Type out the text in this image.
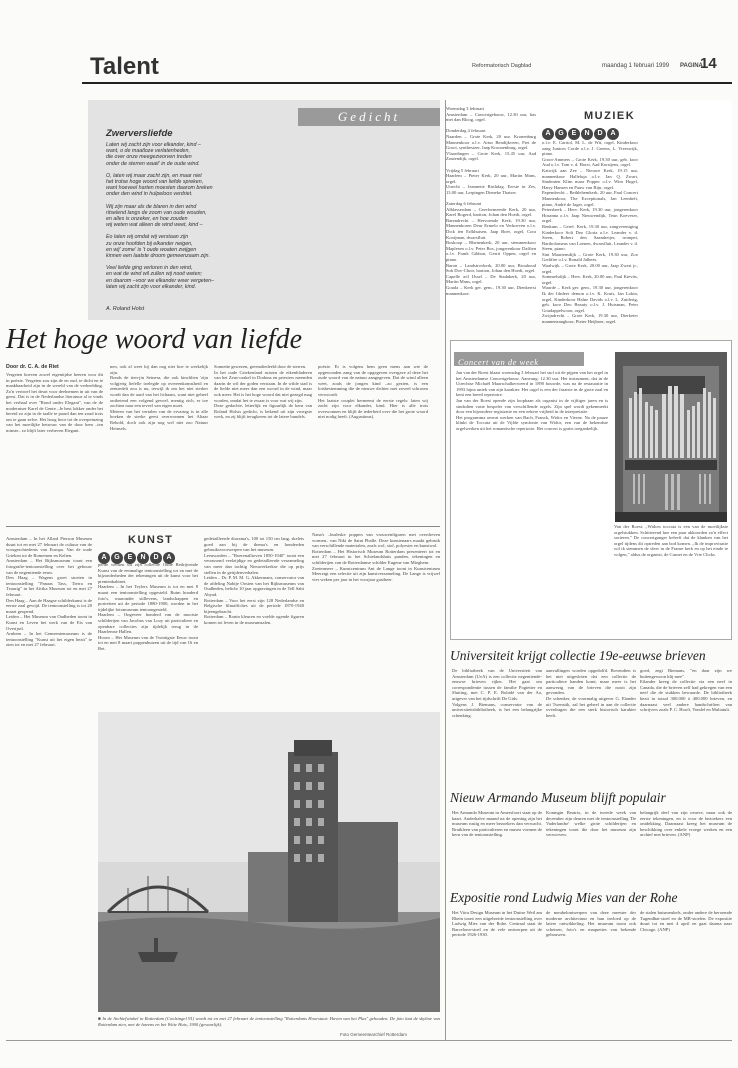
Talent	Reformatorisch Dagblad	maandag 1 februari 1999 PAGINA
14
Gedicht
Zwerversliefde

Laten wij zacht zijn voor elkander, kind –
want, o de maatloze verlatenheden,
die over onze meegezworven treden
onder de sterren waait' in de oude wind.

O, laten wij maar zacht zijn, en maar niet
het trotse hoge woord van liefde spreken,
want hoeveel harten moesten daarom breken
onder den wind in hulpeloos verdriet.

Wij zijn maar als de blaren in den wind
ritselend langs de zoom van oude wouden,
en alles is onzeker, en hoe zouden
wij weten wat alleen de wind weet, kind –

Eo laten wij omdat wij verstaan zijn
zu onze hoofden bij elkander neigen,
en wij' zome' is 't oude woaten zwijgen
kinnen een laatste droom gemeenzaam zijn.

Veel liefde ging verloren in den wind,
en wat de wind wil zullen wij nooit weten;
en daarom –voor we elkander weer vergeten–
laten wij zacht zijn voor elkander, kind.

A. Roland Holst
MUZIEK
A G E N D A
Woensdag 3 februari
Amsterdam – Concertgebouw, 12.30 uur, bas met dan Bloog, orgel.

Donderdag 4 februari
Naarden – Grote Kerk, 20 uur. Kronenburg Mannenkoor o.l.v. Artur Bendijkveen, Piet de Groot, synthesizer, Jaap Kroonenburg, orgel.
Vlaardingen – Grote Kerk, 15.45 uur, Aad Zoutendijk, orgel.

Vrijdag 5 februari
Haarlem – Pieter Kerk, 20 uur, Martin Mans, orgel.
Utrecht – Jeannette Birthdag. Eerste in Zes, 13.00 uur, Lerpingen Dieneke Thatser.

Zaterdag 6 februari
Alblasserdam – Gereformeerde Kerk, 20 uur, Karel Bogerd, bariton, Johan den Hoedt, orgel.
Barendrecht – Hervormde Kerk, 19.30 uur, Mannenkoren Deur Ermelo en Verhoeven o.l.v. Dick ten Erfkhuisen, Jaap Boer, orgel, Cora Kooijman, dwarsfluit.
Boskoop – Rhenenkerk, 20 uur, stemmenkoor Maplesen o.l.v. Peter Bos, jongerenkoor Daffien o.l.v. Frank Gibbon, Gerrit Oppen, orgel en piano.
Baron – Landstrovkerk, 20.00 uur, Brouhoud Sob Dov-Choir, bariton, Johan den Hoedt, orgel.
Capelle a/d IJssel – De Stadakerk, 20 uur, Martin Mans, orgel.
Gouda – Kerk ger. gem., 19.30 uur, Dienkerrst mannenkoor.
o.l.v. E. Carriol, M. L. de Wit, orgel, Kinderkoor zang Juniors Corde o.l.v. J. Greens, L. Vreeswijk, piano.
Groot-Ammers – Grote Kerk, 19.30 uur, geb. koor Aud o.l.v. Tom v. d. Horst, Aad Korstjens, orgel.
Katwijk aan Zee – Nieuwe Kerk, 19.15 uur, mannenkoor Halleluja o.l.v. Jan Q. Zwart, Studenten Klim maar Popper o.l.v. Wim Hogel, Harry Hansen en Pauw van Rijn, orgel.
Papendrecht – Bethlehemkerk, 20 uur, Paul Concert Mannenkoor, The Exceptionals, Jan Leenheft, piano, André de Jager, orgel.
Petersbeek – Herv. Kerk, 19.30 uur, jongerenkoor Hosanna o.l.v. Jaap Nieuwendijk, Teun Koeveser, orgel.
Renkum – Geref. Kerk, 19.30 uur, zangvereniging Kinderkoor Soli Deo Gloria o.l.v. Leander v. d. Steen, Robert den Saamheijer, trompet, Bartholomeus van Loenen, dwarsfluit, Leander v. d. Steen, piano.
Sint Maartensdijk – Grote Kerk, 19.30 uur, Zoo Gedifire o.l.v. Ronald Jalhees.
Waalwijk – Grote Kerk, 20.00 uur, Jaap Zwart jr., orgel.
Sommelsdijk – Herv. Kerk, 20.00 uur, Paul Kievits, orgel.
Waarde – Kerk ger. gem., 19.30 uur, jongerenkoor Ik der Idrdeer demon o.l.v. K. Kruis, Jan Lokin, orgel, Kinderkoor Halne Davids o.l.v. L. Zuiderig, geb. koor Deo Beauty o.l.v. J. Huisman, Peter Goudappelwoon, orgel.
Zwijndrecht – Grote Kerk, 19.30 uur, Dierkeier mannenzangkoor, Pieter Heijboer, orgel.
Het hoge woord van liefde
Door dr. C. A. de Riet
Vergeten hoeven zowel eigentijdse heeren voor dit in poëzie. Vergeten zou zijn de en oud, te dicht en te maakbaarheid zijn in de wereld van de verbeelding. Zo'n vertroef het deurt voor deelnemen in uit van de geest. Dat is in de Nederlandse literatuur al te vinds het verhaal over "Rond onder Elegant", van de de moderniser Karel de Gente –Je best lokker onder het bereid zo zijn in de taalle te paard dan ten zoud trots om te gaan zelve. Het hoog hoor tot de overpeinzing van het moeilijke betrouw van de door hem –ten minste– zo blijft later verheven Elegant.
nen, ook al weet hij dan nog niet hoe te werkelijk zijn.
Bonds de tien-jin Seinera, die ook kinchlien 'zijn volgjerig liefelle toelegde op overeenkomstheid en zentredelt zou is nu, terwijl ik om het niet sterker wordt dan de aard van het lichaam, want niet geheel ontketend een volgend gevoel, mentig zich, er toe zochten naar een teveel van eigen moet.
Meteen van het vertalen van de ervaring is in alle boeken de sterke geest overwonnen het Altaar Rehold, doch ook zijn nog wel niet zoo Natuur Heinsels.
Sonnette gewezen, greenaltedeeld door de sterren.
In het oude Griekenland ruisten de eikenbladeren van het Zeus-orakel in Dodona en priesters meenden daarin de wil der goden verstaan. In de wilde stad is de liefde niet meer dan een woord in de wind, maar ook meer. Het is het hoge woord dat niet gezegd mag worden, omdat het te zwaar is voor wat wij zijn.
Deze gedachte, letterlijk en figuurlijk de kern van Roland Holsts gedicht, is bekend uit zijn vroegste werk, en zij blijft terugkeren tot de latere bundels.
poëzie. Er is volgens hem geen mens aan wie de opgewonden zang van de opgegeven overgave al deze het oude woord van de natuur aangegeven. Dat de wind alleen weet, zoals de jongen kind –zo gezien, is een lotsbestemming die de nieuwe dichter met zoveel schroom verwoordt.
Het laatste couplet herneemt de eerste regels: laten wij zacht zijn voor elkander, kind. Hier is alle trots overwonnen en blijft de tederheid over die het grote woord niet nodig heeft. (Augustinus).
Concert van de week
Jan van der Roest blaast woensdag 3 februari het stof uit de pijpen van het orgel in het Amsterdamse Concertgebouw. Aanvang: 12.30 uur. Het instrument, dat in de Utrechtse Michaël Maarschalkerweerd in 1890 bouwde, was na de restauratie in 1993 bijna uniek van zijn karakter. Het orgel is een der fraaiste in de grote zaal en kent een breed repertoire.
Jan van der Roest opende zijn loopbaan als organist in de vijftiger jaren en is sindsdien vaste bespeler van verschillende orgels. Zijn spel wordt gekenmerkt door een bijzondere registratie en een zekere vrijheid in de interpretatie.
Het programma omvat werken van Bach, Franck, Widor en Vierne. Na de pauze klinkt de Toccata uit de Vijfde symfonie van Widor, een van de bekendste orgelwerken uit het romantische repertoire. Het concert is gratis toegankelijk.
Van der Roest: „Widors toccata is een van de moeilijkste orgelstukken. Schitterend hoe een paar akkoorden zo'n effect sorteren." De concertganger beleeft dat de klanken van het orgel tijdens dit optreden aan bod komen. „Ik de improvisatie wil ik stemmen de sfeer in de Franse kerk en op het einde te volgen," aldus de organist, de Curnet en de Vrie Clicks.
KUNST
A G E N D A
Amsterdam – In het Allard Pierson Museum duurt tot en met 27 februari de cultuur van de voorgeschiedenis van Europa. Van de oude Grieken tot de Romeinen en Kelten.
Amsterdam – Het Rijksmuseum toont een fotografie-tentoonstelling over het gebouw van de negentiende eeuw.
Den Haag – Wagens groet stoeten in tentoonstelling "Panaas Tass, Tierra en Tzaarig" in het Afrika Museum tot en met 27 februari.
Den Haag – Aan de Haagse schilderkunst is de eerste zaal gewijd. De tentoonstelling is tot 20 maart geopend.
Leiden – Het Museum van Oudheden toont in Kunst en Leven het werk van de Ets van Overijsel.
Arnhem – In het Gemeentemuseum is de tentoonstelling "Kunst uit het eigen bezit" te zien tot en met 27 februari.
perde werken uit zijn collectie Oude Bedrijvende Kunst van de eenmalige tentoonstelling tot en met de bijzonderheden der tekeningen uit de kunst voor het prentenkabinet.
Haarlem – In het Teylers Museum is tot en met 8 maart een tentoonstelling opgesteld. Ruim honderd foto's, waaronder stillevens, landschappen en portretten uit de periode 1880-1900, worden in het tijdelijke fotomuseum tentoongesteld.
Haarlem – Ongeveer honderd van de mooiste schilderijen van Jacobus van Looy uit particuliere en openbare collecties zijn tijdelijk terug in de Haarlemse Hallen.
Hoorn – Het Museum van de Twintigste Eeuw toont tot en met 8 maart poppenhuizen uit de tijd van Oi en Bet.
gedetailleerde diorama's, 100 tot 150 cm lang, skelets goed aan bij de thema's en honderden gebruiksvoorwerpen van het museum.
Leeuwarden – "Boerenalltoven 1850-1940" toont een verrassend veelzijdige en gedetailleerde verzameling van meer dan tachtig Nieuwerkerkse die op prijs stellen in de getijdenverhalen.
Leiden – Dr. P. M. M. G. Akkermans, conservator van de afdeling Nabije Oosten van het Rijksmuseum van Oudheden, belicht 10 jaar opgravingen in de Tell Sabi Abyad.
Rotterdam – Voor het eerst zijn 128 Nederlandse en Belgische filmaffiches uit de periode 1870-1940 bijeengebracht.
Rotterdam – Ronin kleuren en voelde ogende figuren komen tot leven in de museumzalen.
Nana's –burleske poppen van vrouwenfiguren met overdreven vormen– van Niki de Saint Phalle. Deze kunstenaars maakt gebruik van verschillende materialen, zoals wol, stof, polyester en kunstwol.
Rotterdam – Het Historisch Museum Rotterdam presenteert tot en met 27 februari in het Schielandshuis panden, tekeningen en schilderijen van de Rotterdamse schilder Eugene van Mieghem.
Zoetermeer – Kunstcentrum Ant de Lange toont in Kunstcentrum Meerzigt een selectie uit zijn kunstverzameling. De Lange is vrijwel vier weken per jaar in het voorjaar gastheer.
■ In de Archiefwinkel in Rotterdam (Coolsingel 91) wordt tot en met 27 februari de tentoonstelling "Rotterdams Hoorstaat: Haven van het Plas" gehouden. De foto laat de skyline van Rotterdam zien, met de havens en het Witte Huis, 1900 (gevaarlijk).
Foto Gemeentearchief Rotterdam
Universiteit krijgt collectie 19e-eeuwse brieven
De bibliotheek van de Universiteit van Amsterdam (UvA) is een collectie negentiende-eeuwse brieven rijker. Het gaat om correspondentie tussen de familie Pogietter en Sluiting, met C. P. E. Robidé van der Aa, uitgever van het tijdschrift De Gids.
Volgens J. Biemans, conservator van de universiteitsbibliotheek, is het een belangrijke schenking.
aanvullingen worden opgedolfd. Bovendien is het niet uitgesloten dat een collectie de particuliere handen komt, maar meer is het aanwezig van de brieven die nooit zijn gevonden.
De schenker, de voormalig uitgever G. Elander uit Twenstik, zal het geheel in aan de collectie overdragen die een sterk historisch karakter heeft.
goed, zegt Biemans, "en daar zijn we buitengewoon blij mee".
Eilander kreeg de collectie via een neef in Canada, die de brieven zelf had gekregen van een neef die de stukken bewaarde. De bibliotheek bezit in totaal 300.000 à 400.000 brieven, en daarnaast veel andere handschriften van schrijvers zoals P. C. Hooft, Vondel en Multatuli.
Nieuw Armando Museum blijft populair
Het Armando Museum in Amersfoort staat op de kaart. Anderhalve maand na de opening zijn het museum rustig en meer bezoekers dan verwacht. Bruikleen van particulieren en musea vormen de kern van de tentoonstelling.
Koningin Beatrix, in de tweede week van december zijn deuren met de tentoonstelling 'De Vaderlandse' welke grote schilderijen en tekeningen toont die door het museum zijn verworven.
belangrijk deel van zijn oeuvre, maar ook de eerste tekeningen, en is voor de bezoekers een ontdekking. Daarnaast kreeg het museum de beschikking over enkele vroege werken en een archief met brieven. (ANP)
Expositie rond Ludwig Mies van der Rohe
Het Vitra Design Museum in het Duitse Weil am Rhein toont een uitgebreide tentoonstelling over Ludwig Mies van der Rohe. Centraal staat de Barcelona-stoel en de vele ontwerpen uit de periode 1926-1930.
de meubelontwerpen van deze meester der moderne architectuur en hun invloed op de latere ontwikkeling. Het museum toont ook schetsen, foto's en maquettes van bekende gebouwen.
de stalen buismeubels, onder andere de beroemde Tugendhat-stoel en de MR-stoelen. De expositie duurt tot en met 4 april en gaat daarna naar Chicago. (ANP)
